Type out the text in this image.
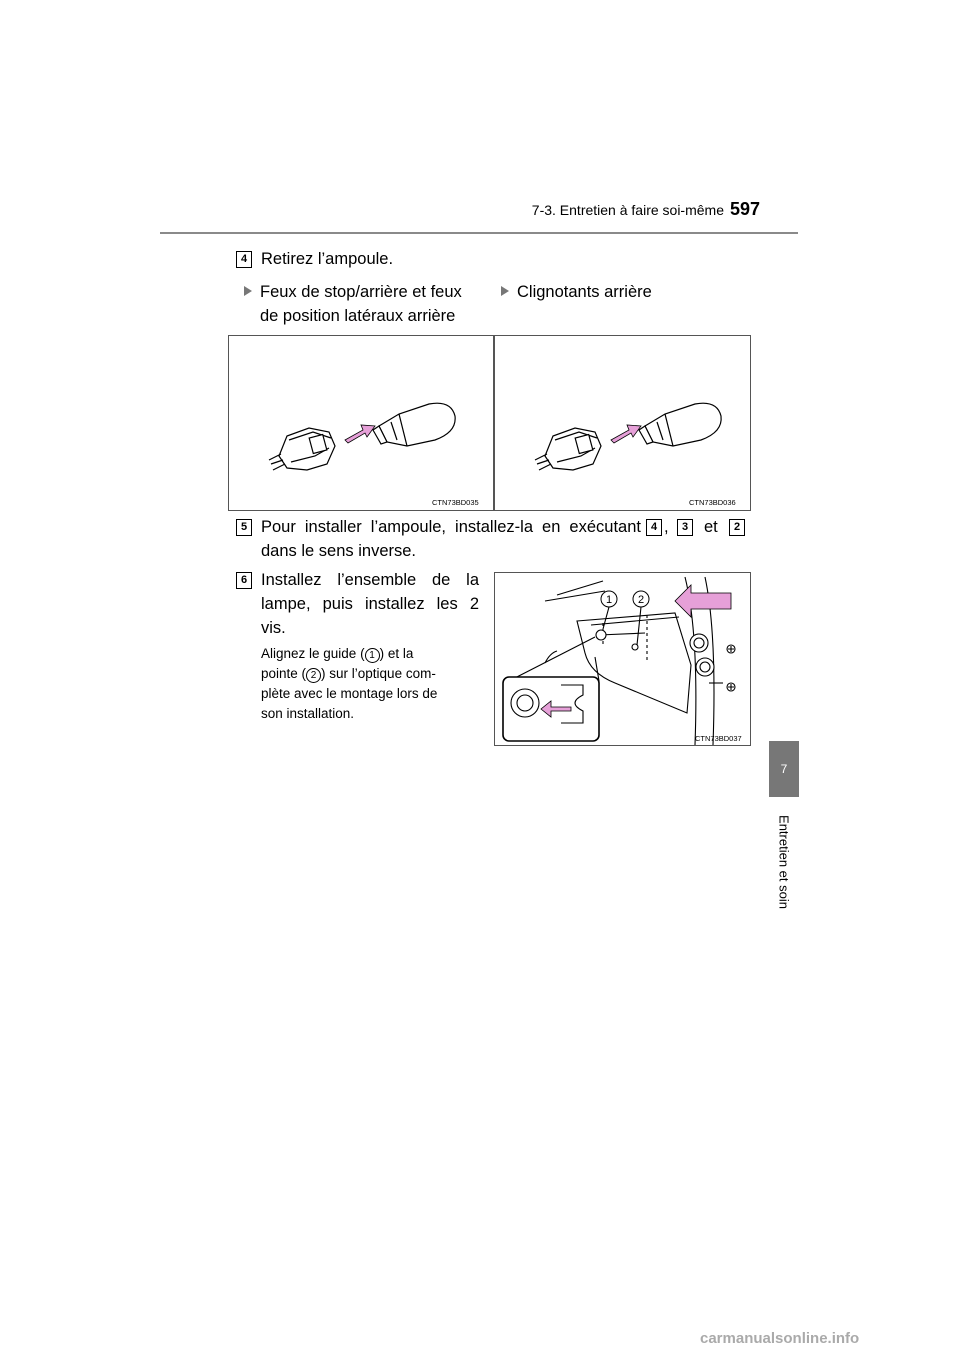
7-3. Entretien à faire soi-même 597
7
Entretien et soin
4 Retirez l’ampoule.
Feux de stop/arrière et feux
de position latéraux arrière
Clignotants arrière
CTN73BD035	CTN73BD036
5 Pour installer l’ampoule, installez-la en exécutant 4 ,	3 et	2
dans le sens inverse.
6 Installez l’ensemble de la
lampe, puis installez les 2
vis.
Alignez le guide ( 1 ) et la
pointe ( 2 ) sur l’optique com-
plète avec le montage lors de
son installation.
1 2
CTN73BD037
carmanualsonline.info
